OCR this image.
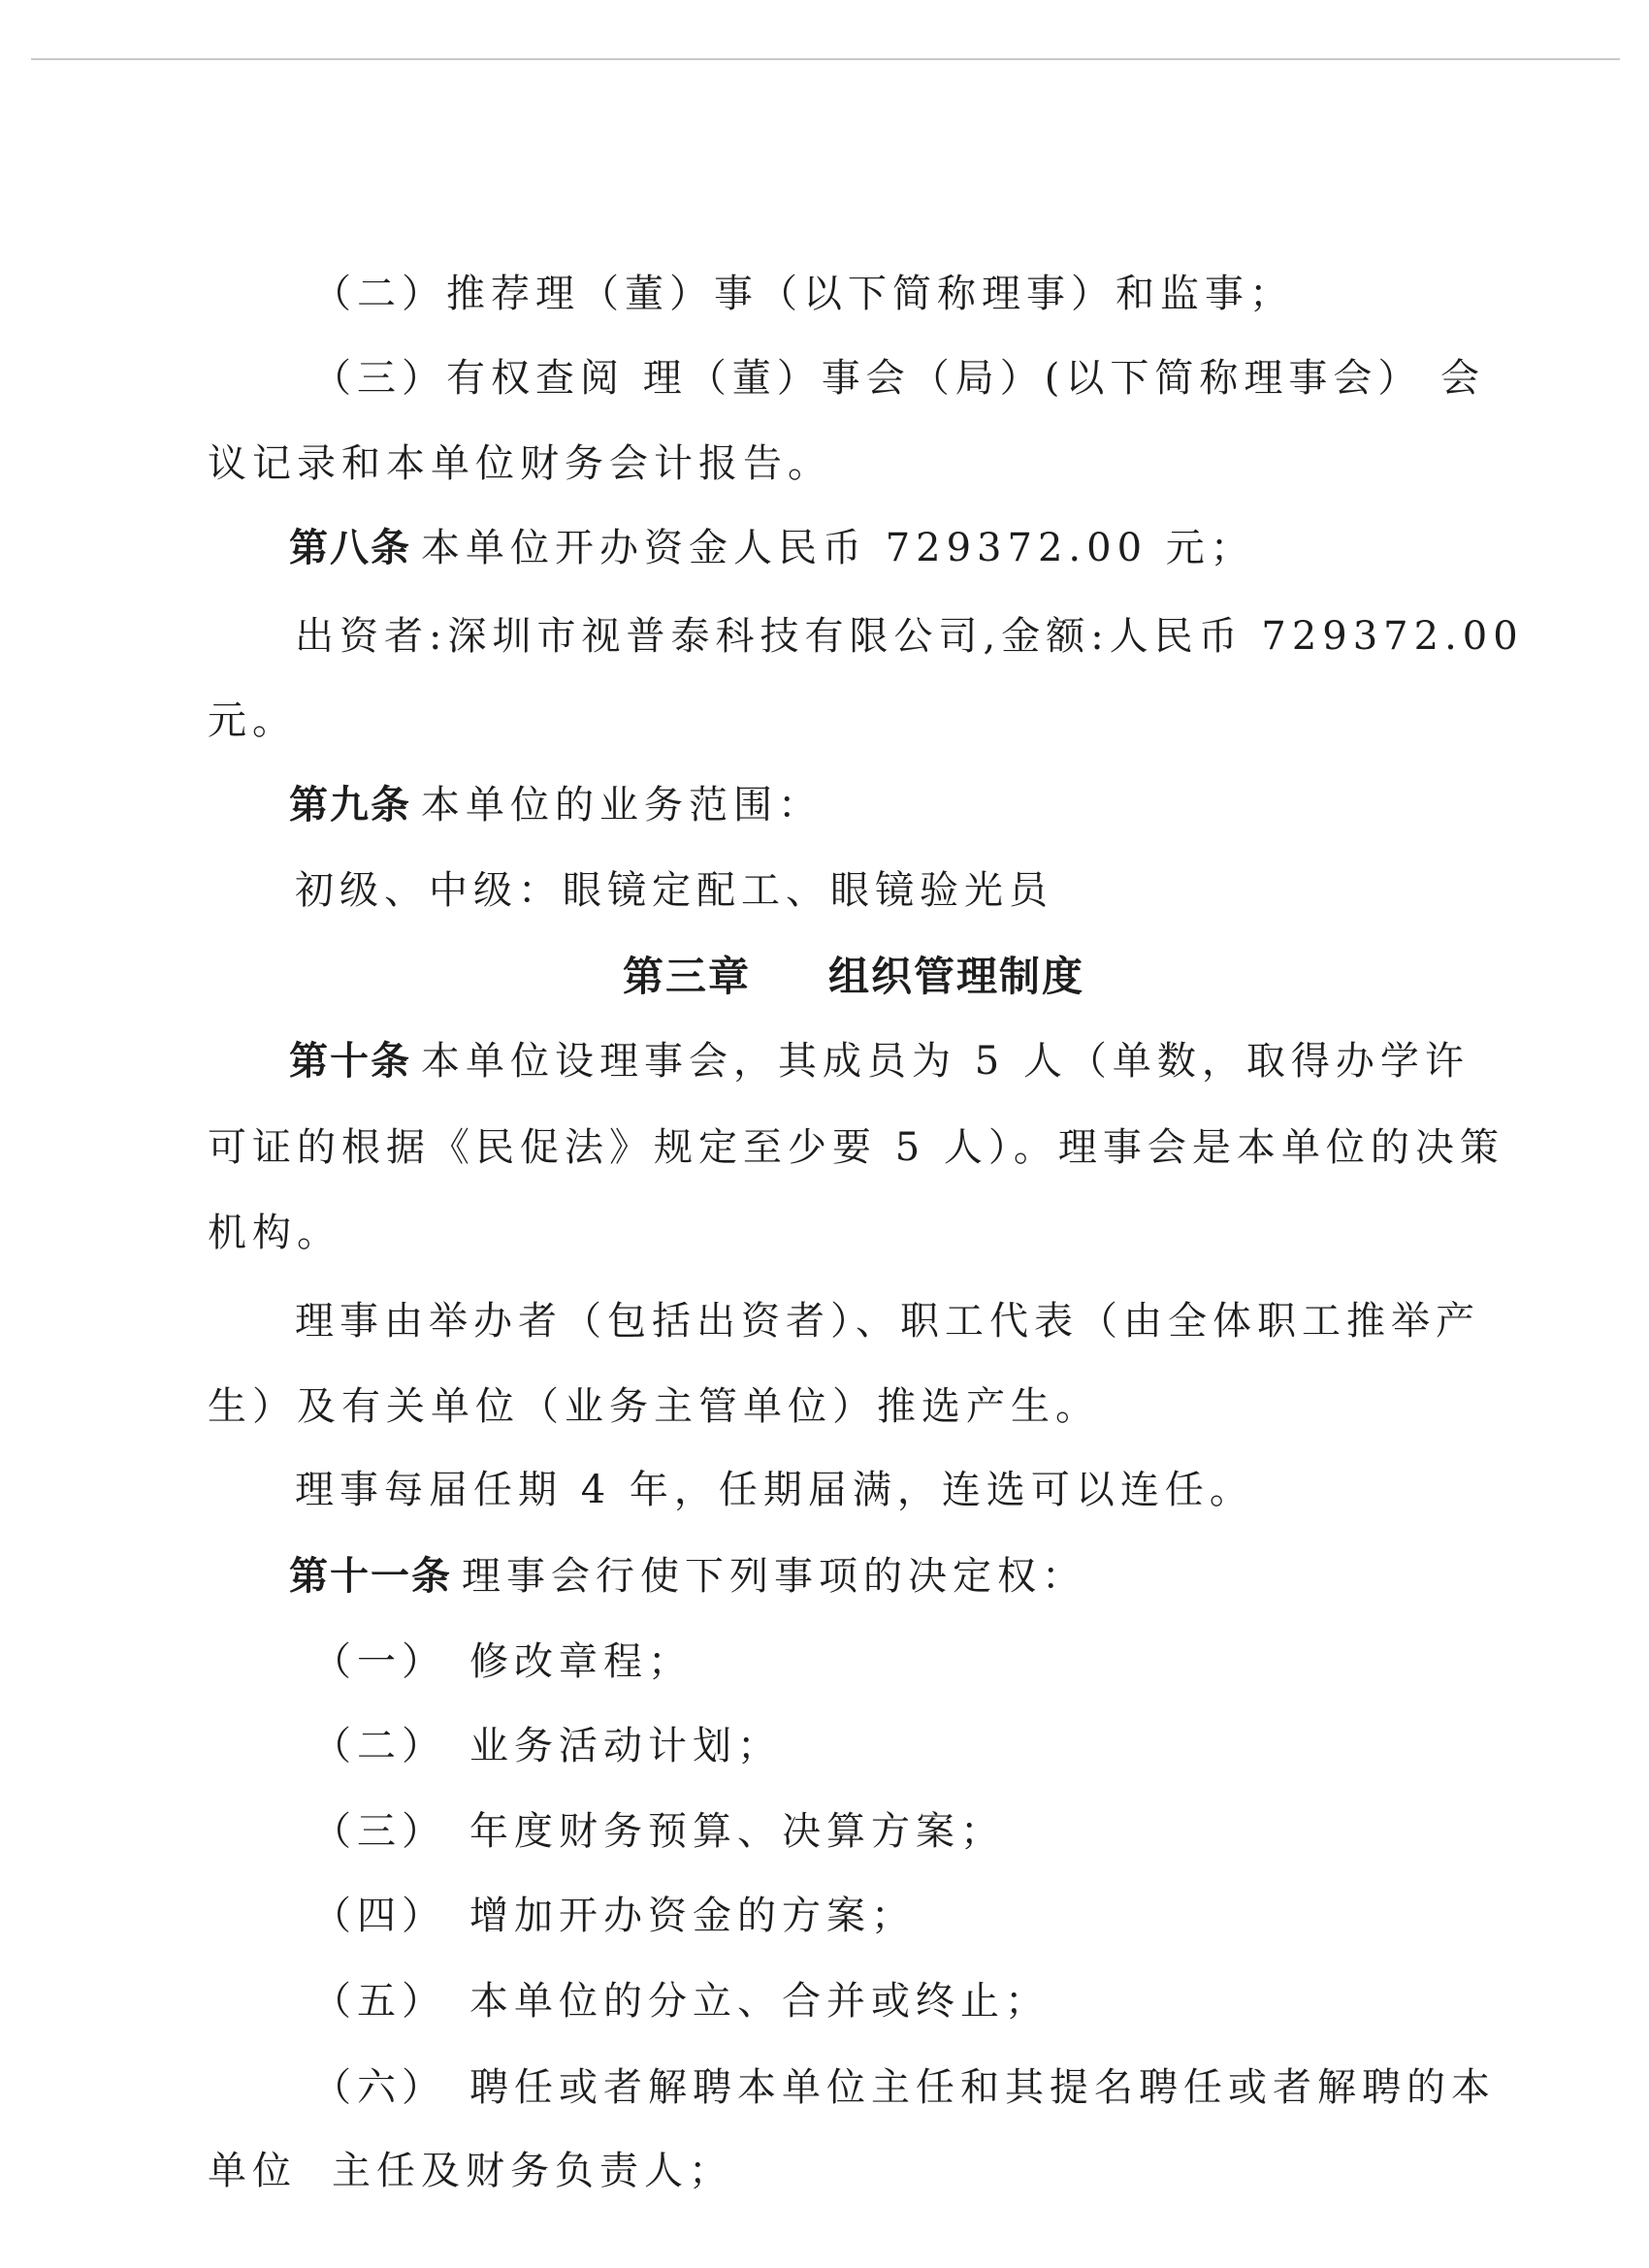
（二）推荐理（董）事（以下简称理事）和监事；
（三）有权查阅 理（董）事会（局）(以下简称理事会） 会
议记录和本单位财务会计报告。
第八条 本单位开办资金人民币 729372.00 元；
出资者:深圳市视普泰科技有限公司,金额:人民币 729372.00
元。
第九条 本单位的业务范围：
初级、中级：眼镜定配工、眼镜验光员
第三章 组织管理制度
第十条 本单位设理事会，其成员为 5 人（单数，取得办学许
可证的根据《民促法》规定至少要 5 人）。理事会是本单位的决策
机构。
理事由举办者（包括出资者）、职工代表（由全体职工推举产
生）及有关单位（业务主管单位）推选产生。
理事每届任期 4 年，任期届满，连选可以连任。
第十一条 理事会行使下列事项的决定权：
（一） 修改章程；
（二） 业务活动计划；
（三） 年度财务预算、决算方案；
（四） 增加开办资金的方案；
（五） 本单位的分立、合并或终止；
（六） 聘任或者解聘本单位主任和其提名聘任或者解聘的本
单位 主任及财务负责人；
